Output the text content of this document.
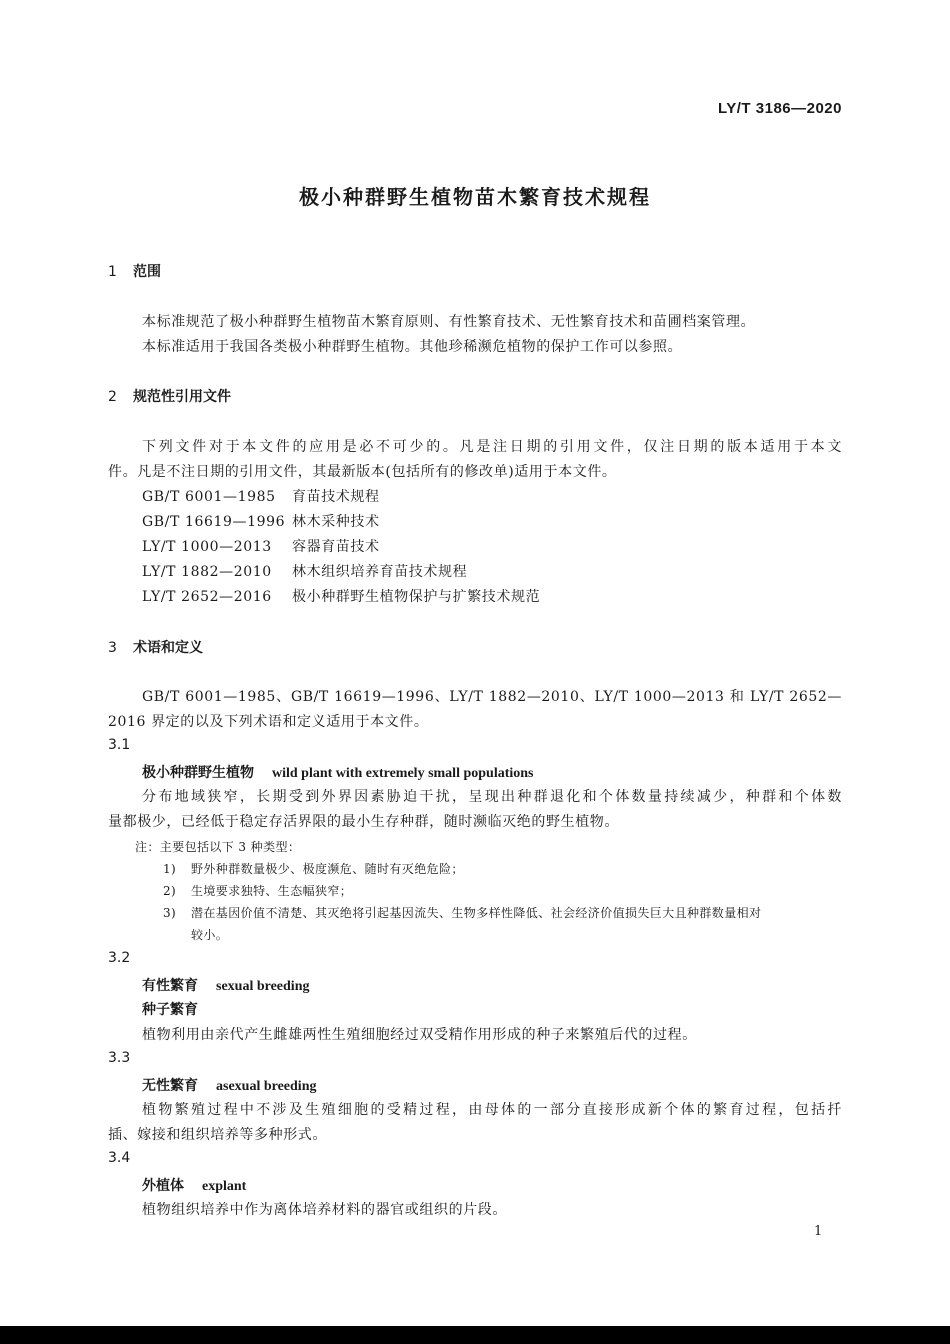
LY/T 3186—2020
极小种群野生植物苗木繁育技术规程
1 范围
本标准规范了极小种群野生植物苗木繁育原则、有性繁育技术、无性繁育技术和苗圃档案管理。
本标准适用于我国各类极小种群野生植物。其他珍稀濒危植物的保护工作可以参照。
2 规范性引用文件
下列文件对于本文件的应用是必不可少的。凡是注日期的引用文件，仅注日期的版本适用于本文
件。凡是不注日期的引用文件，其最新版本(包括所有的修改单)适用于本文件。
GB/T 6001—1985 育苗技术规程
GB/T 16619—1996 林木采种技术
LY/T 1000—2013 容器育苗技术
LY/T 1882—2010 林木组织培养育苗技术规程
LY/T 2652—2016 极小种群野生植物保护与扩繁技术规范
3 术语和定义
GB/T 6001—1985、GB/T 16619—1996、LY/T 1882—2010、LY/T 1000—2013 和 LY/T 2652—
2016 界定的以及下列术语和定义适用于本文件。
3.1
极小种群野生植物 wild plant with extremely small populations
分布地域狭窄，长期受到外界因素胁迫干扰，呈现出种群退化和个体数量持续减少，种群和个体数
量都极少，已经低于稳定存活界限的最小生存种群，随时濒临灭绝的野生植物。
注：主要包括以下 3 种类型：
1) 野外种群数量极少、极度濒危、随时有灭绝危险；
2) 生境要求独特、生态幅狭窄；
3) 潜在基因价值不清楚、其灭绝将引起基因流失、生物多样性降低、社会经济价值损失巨大且种群数量相对
较小。
3.2
有性繁育 sexual breeding
种子繁育
植物利用由亲代产生雌雄两性生殖细胞经过双受精作用形成的种子来繁殖后代的过程。
3.3
无性繁育 asexual breeding
植物繁殖过程中不涉及生殖细胞的受精过程，由母体的一部分直接形成新个体的繁育过程，包括扦
插、嫁接和组织培养等多种形式。
3.4
外植体 explant
植物组织培养中作为离体培养材料的器官或组织的片段。
1
